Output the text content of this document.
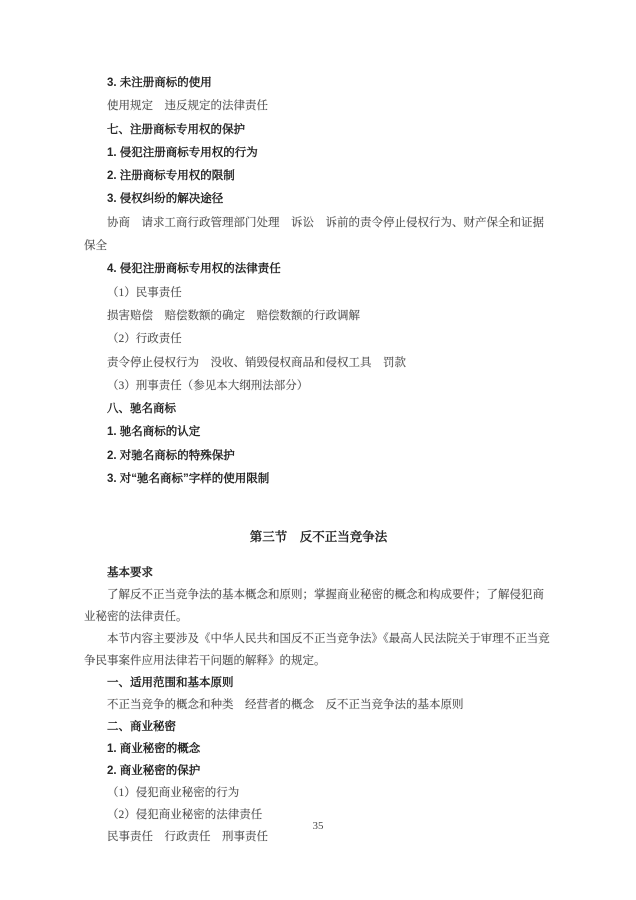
3. 未注册商标的使用

使用规定　违反规定的法律责任

七、注册商标专用权的保护

1. 侵犯注册商标专用权的行为

2. 注册商标专用权的限制

3. 侵权纠纷的解决途径

协商　请求工商行政管理部门处理　诉讼　诉前的责令停止侵权行为、财产保全和证据保全

4. 侵犯注册商标专用权的法律责任

（1）民事责任

损害赔偿　赔偿数额的确定　赔偿数额的行政调解

（2）行政责任

责令停止侵权行为　没收、销毁侵权商品和侵权工具　罚款

（3）刑事责任（参见本大纲刑法部分）

八、驰名商标

1. 驰名商标的认定

2. 对驰名商标的特殊保护

3. 对“驰名商标”字样的使用限制

第三节　反不正当竞争法

基本要求

了解反不正当竞争法的基本概念和原则；掌握商业秘密的概念和构成要件；了解侵犯商业秘密的法律责任。

本节内容主要涉及《中华人民共和国反不正当竞争法》《最高人民法院关于审理不正当竞争民事案件应用法律若干问题的解释》的规定。

一、适用范围和基本原则

不正当竞争的概念和种类　经营者的概念　反不正当竞争法的基本原则

二、商业秘密

1. 商业秘密的概念

2. 商业秘密的保护

（1）侵犯商业秘密的行为

（2）侵犯商业秘密的法律责任

民事责任　行政责任　刑事责任

35
